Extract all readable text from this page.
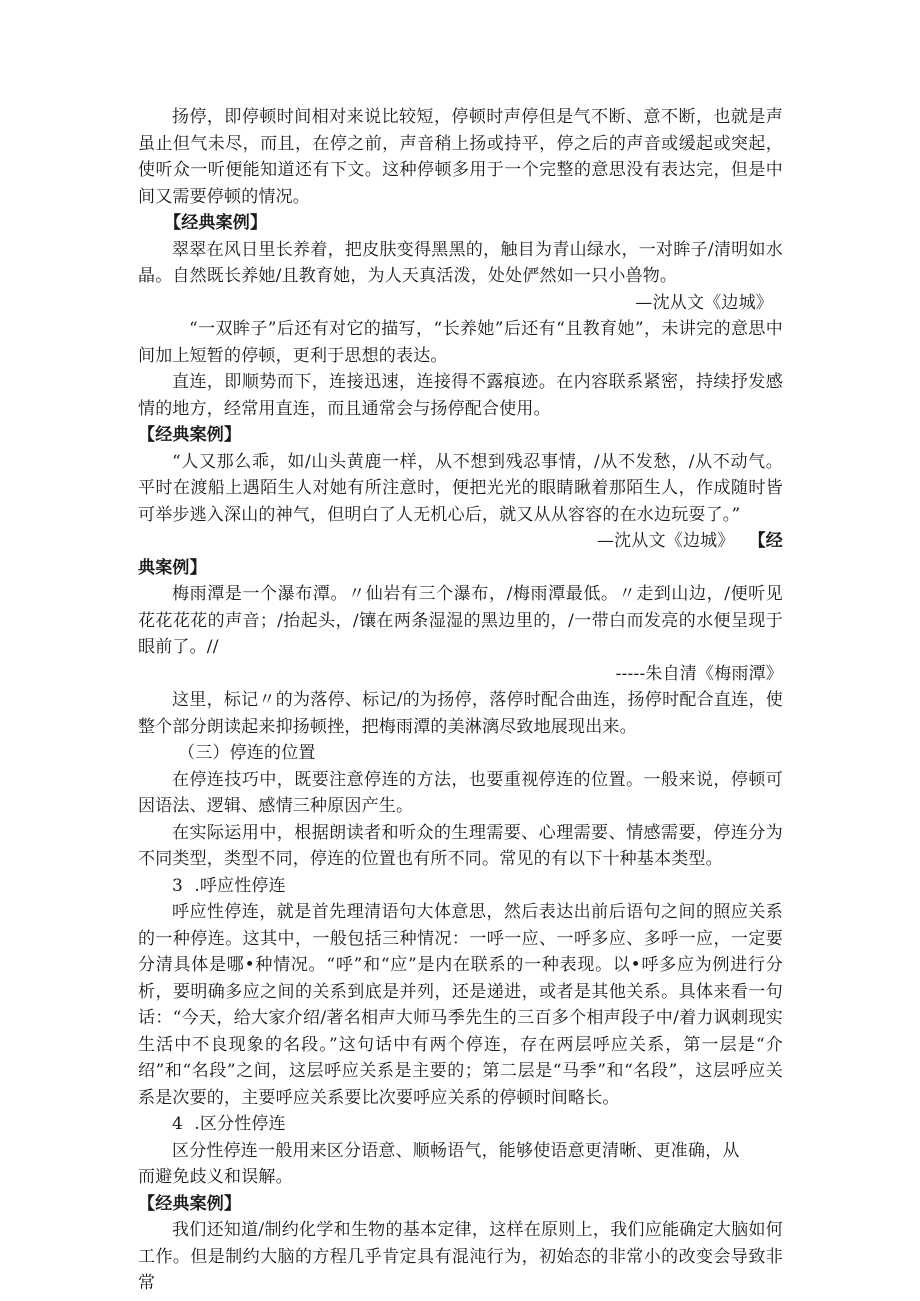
扬停，即停顿时间相对来说比较短，停顿时声停但是气不断、意不断，也就是声虽止但气未尽，而且，在停之前，声音稍上扬或持平，停之后的声音或缓起或突起，使听众一听便能知道还有下文。这种停顿多用于一个完整的意思没有表达完，但是中间又需要停顿的情况。

【经典案例】

翠翠在风日里长养着，把皮肤变得黑黑的，触目为青山绿水，一对眸子/清明如水晶。自然既长养她/且教育她，为人天真活泼，处处俨然如一只小兽物。

—沈从文《边城》

“一双眸子”后还有对它的描写，“长养她”后还有“且教育她”，未讲完的意思中间加上短暂的停顿，更利于思想的表达。

直连，即顺势而下，连接迅速，连接得不露痕迹。在内容联系紧密，持续抒发感情的地方，经常用直连，而且通常会与扬停配合使用。

【经典案例】

“人又那么乖，如/山头黄鹿一样，从不想到残忍事情，/从不发愁，/从不动气。平时在渡船上遇陌生人对她有所注意时，便把光光的眼睛瞅着那陌生人，作成随时皆可举步逃入深山的神气，但明白了人无机心后，就又从从容容的在水边玩耍了。”

—沈从文《边城》 【经

典案例】

梅雨潭是一个瀑布潭。〃仙岩有三个瀑布，/梅雨潭最低。〃走到山边，/便听见花花花花的声音；/抬起头，/镶在两条湿湿的黑边里的，/一带白而发亮的水便呈现于眼前了。//

-----朱自清《梅雨潭》

这里，标记〃的为落停、标记/的为扬停，落停时配合曲连，扬停时配合直连，使整个部分朗读起来抑扬顿挫，把梅雨潭的美淋漓尽致地展现出来。

（三）停连的位置

在停连技巧中，既要注意停连的方法，也要重视停连的位置。一般来说，停顿可因语法、逻辑、感情三种原因产生。

在实际运用中，根据朗读者和听众的生理需要、心理需要、情感需要，停连分为不同类型，类型不同，停连的位置也有所不同。常见的有以下十种基本类型。

3  .呼应性停连

呼应性停连，就是首先理清语句大体意思，然后表达出前后语句之间的照应关系的一种停连。这其中，一般包括三种情况：一呼一应、一呼多应、多呼一应，一定要分清具体是哪•种情况。“呼”和“应”是内在联系的一种表现。以•呼多应为例进行分析，要明确多应之间的关系到底是并列，还是递进，或者是其他关系。具体来看一句话：“今天，给大家介绍/著名相声大师马季先生的三百多个相声段子中/着力讽刺现实生活中不良现象的名段。”这句话中有两个停连，存在两层呼应关系，第一层是“介绍”和“名段”之间，这层呼应关系是主要的；第二层是“马季”和“名段”，这层呼应关系是次要的，主要呼应关系要比次要呼应关系的停顿时间略长。

4  .区分性停连

区分性停连一般用来区分语意、顺畅语气，能够使语意更清晰、更准确，从

而避免歧义和误解。

【经典案例】

我们还知道/制约化学和生物的基本定律，这样在原则上，我们应能确定大脑如何工作。但是制约大脑的方程几乎肯定具有混沌行为，初始态的非常小的改变会导致非常
